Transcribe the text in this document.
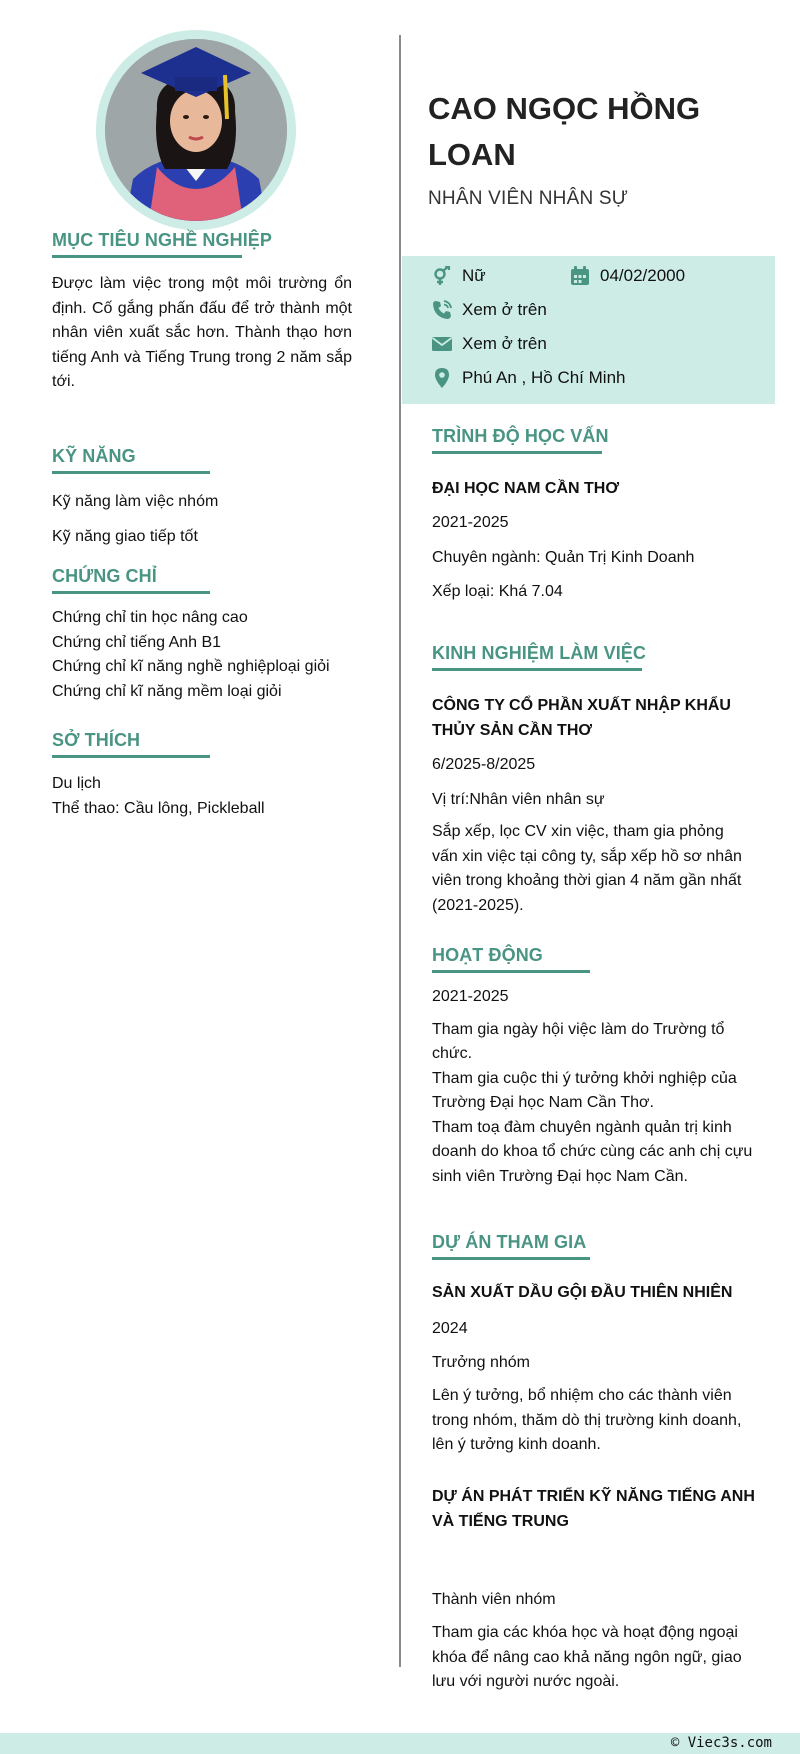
MỤC TIÊU NGHỀ NGHIỆP
Được làm việc trong một môi trường ổn định. Cố gắng phấn đấu để trở thành một nhân viên xuất sắc hơn. Thành thạo hơn tiếng Anh và Tiếng Trung trong 2 năm sắp tới.
KỸ NĂNG
Kỹ năng làm việc nhóm
Kỹ năng giao tiếp tốt
CHỨNG CHỈ
Chứng chỉ tin học nâng cao
Chứng chỉ tiếng Anh B1
Chứng chỉ kĩ năng nghề nghiệploại giỏi
Chứng chỉ kĩ năng mềm loại giỏi
SỞ THÍCH
Du lịch
Thể thao: Cầu lông, Pickleball
CAO NGỌC HỒNG LOAN
NHÂN VIÊN NHÂN SỰ
Nữ	04/02/2000
Xem ở trên
Xem ở trên
Phú An , Hồ Chí Minh
TRÌNH ĐỘ HỌC VẤN
ĐẠI HỌC NAM CẦN THƠ
2021-2025
Chuyên ngành: Quản Trị Kinh Doanh
Xếp loại: Khá 7.04
KINH NGHIỆM LÀM VIỆC
CÔNG TY CỔ PHẦN XUẤT NHẬP KHẨU THỦY SẢN CẦN THƠ
6/2025-8/2025
Vị trí:Nhân viên nhân sự
Sắp xếp, lọc CV xin việc, tham gia phỏng vấn xin việc tại công ty, sắp xếp hồ sơ nhân viên trong khoảng thời gian 4 năm gần nhất (2021-2025).
HOẠT ĐỘNG
2021-2025
Tham gia ngày hội việc làm do Trường tổ chức.
Tham gia cuộc thi ý tưởng khởi nghiệp của Trường Đại học Nam Cần Thơ.
Tham toạ đàm chuyên ngành quản trị kinh doanh do khoa tổ chức cùng các anh chị cựu sinh viên Trường Đại học Nam Cần.
DỰ ÁN THAM GIA
SẢN XUẤT DẦU GỘI ĐẦU THIÊN NHIÊN
2024
Trưởng nhóm
Lên ý tưởng, bổ nhiệm cho các thành viên trong nhóm, thăm dò thị trường kinh doanh, lên ý tưởng kinh doanh.
DỰ ÁN PHÁT TRIỂN KỸ NĂNG TIẾNG ANH VÀ TIẾNG TRUNG
Thành viên nhóm
Tham gia các khóa học và hoạt động ngoại khóa để nâng cao khả năng ngôn ngữ, giao lưu với người nước ngoài.
© Viec3s.com
